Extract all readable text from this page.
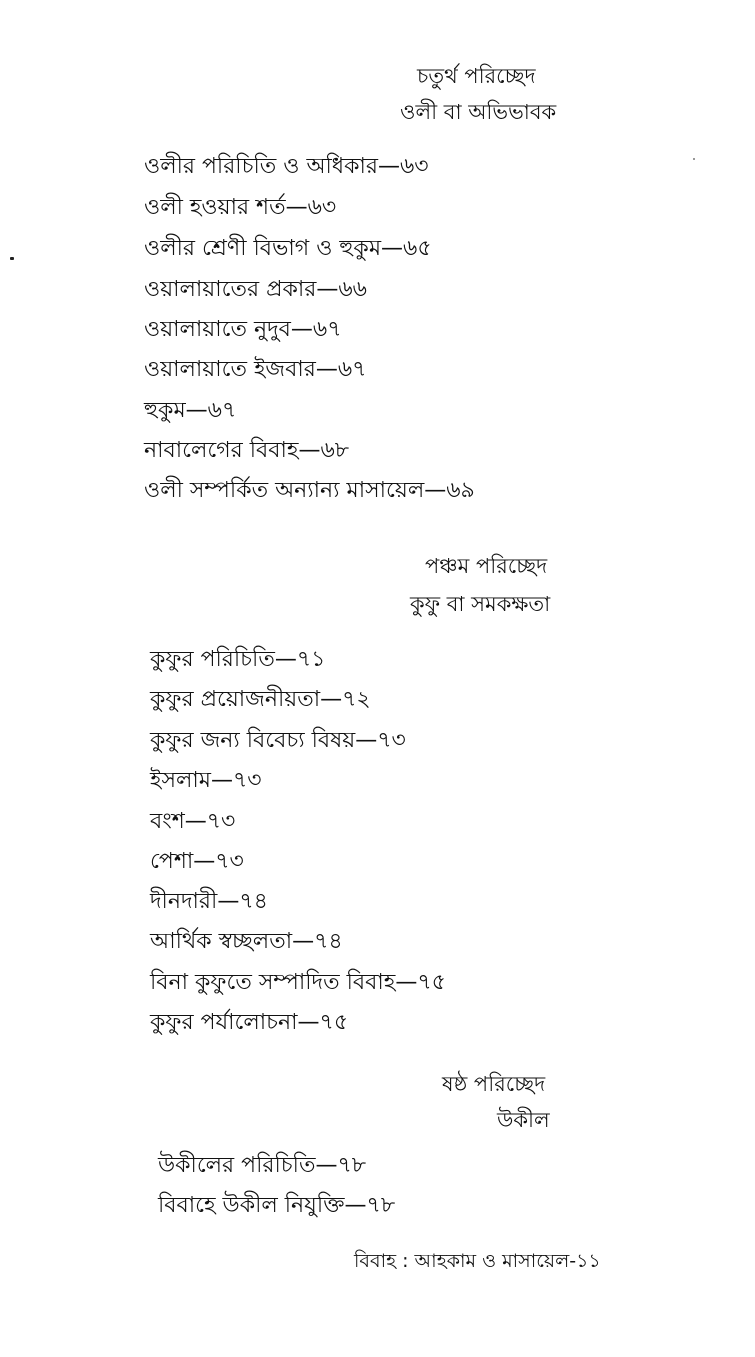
চতুর্থ পরিচ্ছেদ
ওলী বা অভিভাবক
ওলীর পরিচিতি ও অধিকার—৬৩
ওলী হওয়ার শর্ত—৬৩
ওলীর শ্রেণী বিভাগ ও হুকুম—৬৫
ওয়ালায়াতের প্রকার—৬৬
ওয়ালায়াতে নুদুব—৬৭
ওয়ালায়াতে ইজবার—৬৭
হুকুম—৬৭
নাবালেগের বিবাহ—৬৮
ওলী সম্পর্কিত অন্যান্য মাসায়েল—৬৯
পঞ্চম পরিচ্ছেদ
কুফু বা সমকক্ষতা
কুফুর পরিচিতি—৭১
কুফুর প্রয়োজনীয়তা—৭২
কুফুর জন্য বিবেচ্য বিষয়—৭৩
ইসলাম—৭৩
বংশ—৭৩
পেশা—৭৩
দীনদারী—৭৪
আর্থিক স্বচ্ছলতা—৭৪
বিনা কুফুতে সম্পাদিত বিবাহ—৭৫
কুফুর পর্যালোচনা—৭৫
ষষ্ঠ পরিচ্ছেদ
উকীল
উকীলের পরিচিতি—৭৮
বিবাহে উকীল নিযুক্তি—৭৮
বিবাহ : আহকাম ও মাসায়েল-১১
